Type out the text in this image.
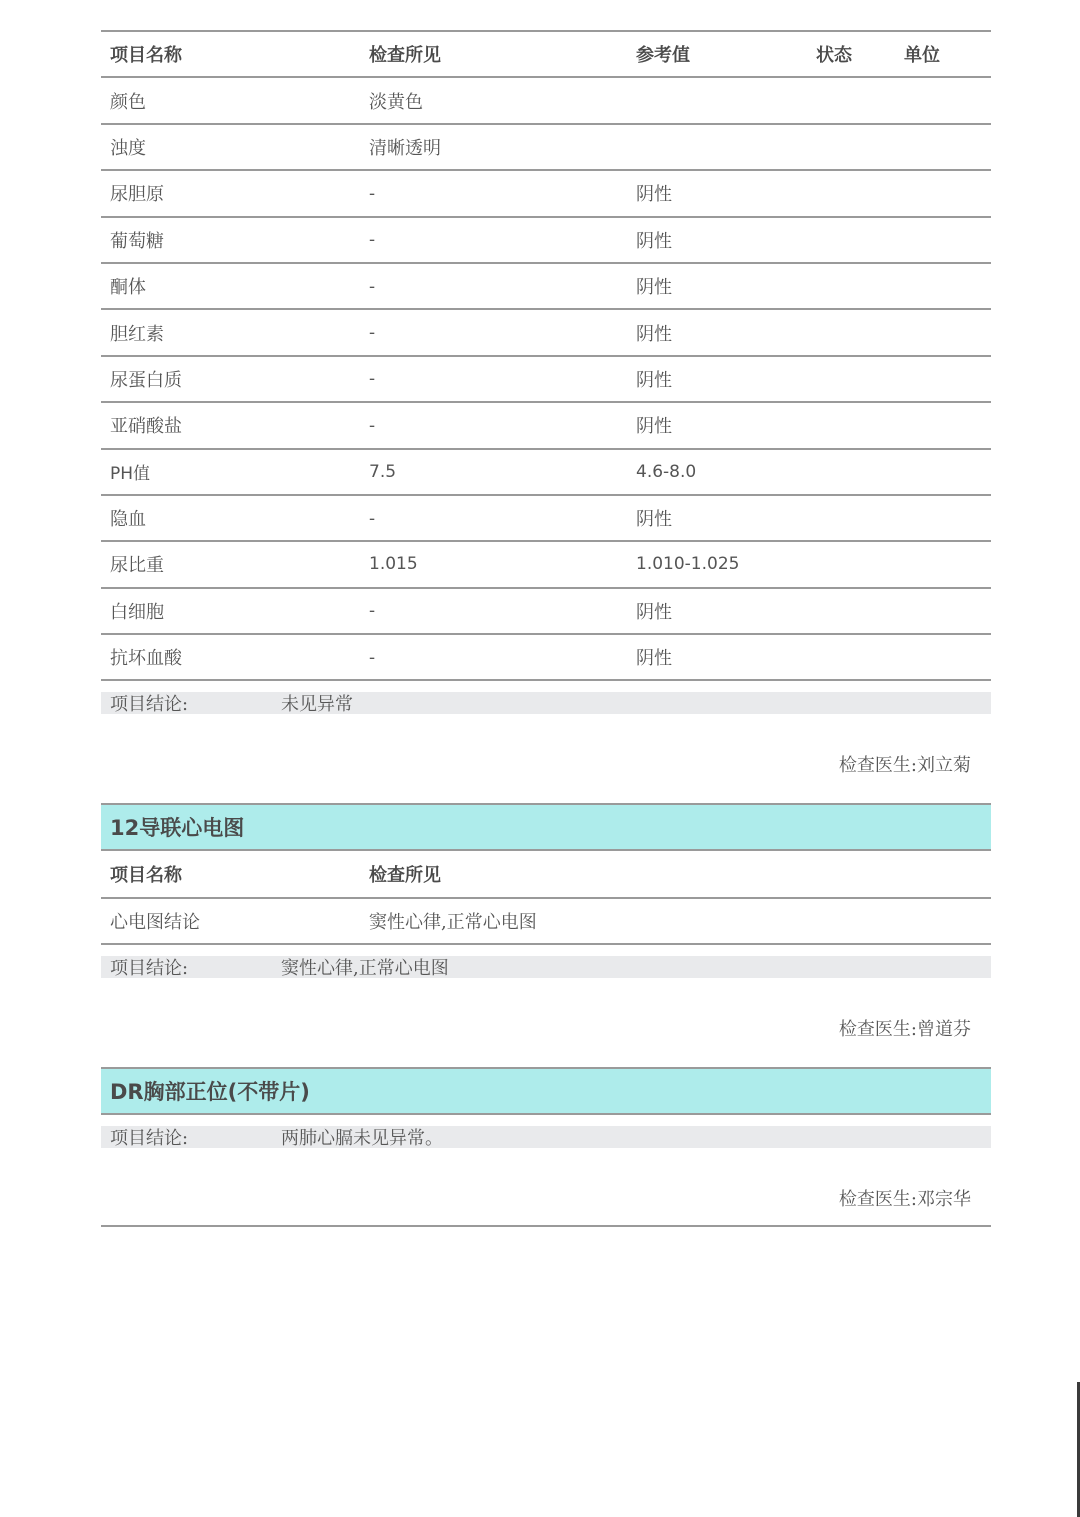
项目名称	检查所见	参考值	状态	单位
颜色	淡黄色			
浊度	清晰透明			
尿胆原	-	阴性		
葡萄糖	-	阴性		
酮体	-	阴性		
胆红素	-	阴性		
尿蛋白质	-	阴性		
亚硝酸盐	-	阴性		
PH值	7.5	4.6-8.0		
隐血	-	阴性		
尿比重	1.015	1.010-1.025		
白细胞	-	阴性		
抗坏血酸	-	阴性		
项目结论:	未见异常
检查医生:刘立菊
12导联心电图
项目名称	检查所见
心电图结论	窦性心律,正常心电图
项目结论:	窦性心律,正常心电图
检查医生:曾道芬
DR胸部正位(不带片)
项目结论:	两肺心膈未见异常。
检查医生:邓宗华
